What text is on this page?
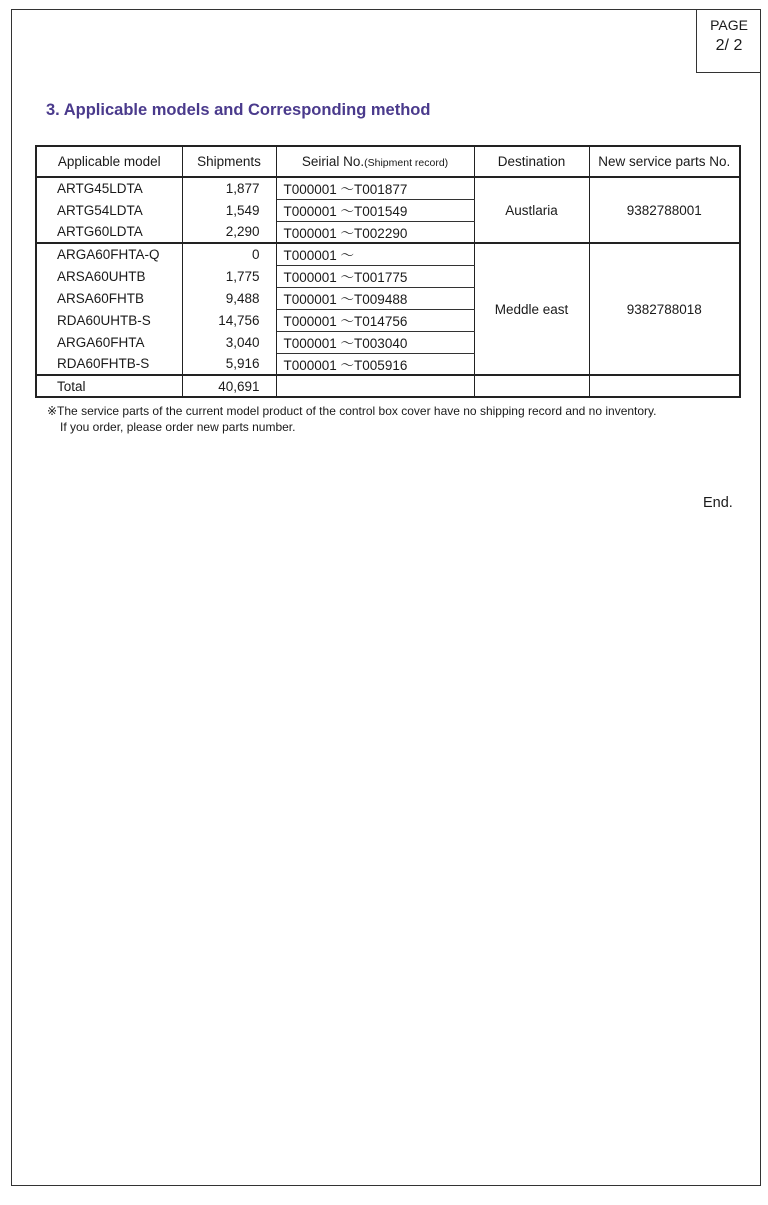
PAGE
2/ 2
3. Applicable models and Corresponding method
Applicable model	Shipments	Seirial No.(Shipment record)	Destination	New service parts No.
ARTG45LDTA	1,877	T000001 ～T001877	Austlaria	9382788001
ARTG54LDTA	1,549	T000001 ～T001549		
ARTG60LDTA	2,290	T000001 ～T002290		
ARGA60FHTA-Q	0	T000001 ～	Meddle east	9382788018
ARSA60UHTB	1,775	T000001 ～T001775		
ARSA60FHTB	9,488	T000001 ～T009488		
RDA60UHTB-S	14,756	T000001 ～T014756		
ARGA60FHTA	3,040	T000001 ～T003040		
RDA60FHTB-S	5,916	T000001 ～T005916		
Total	40,691			
※The service parts of the current model product of the control box cover have no shipping record and no inventory.
If you order, please order new parts number.
End.
